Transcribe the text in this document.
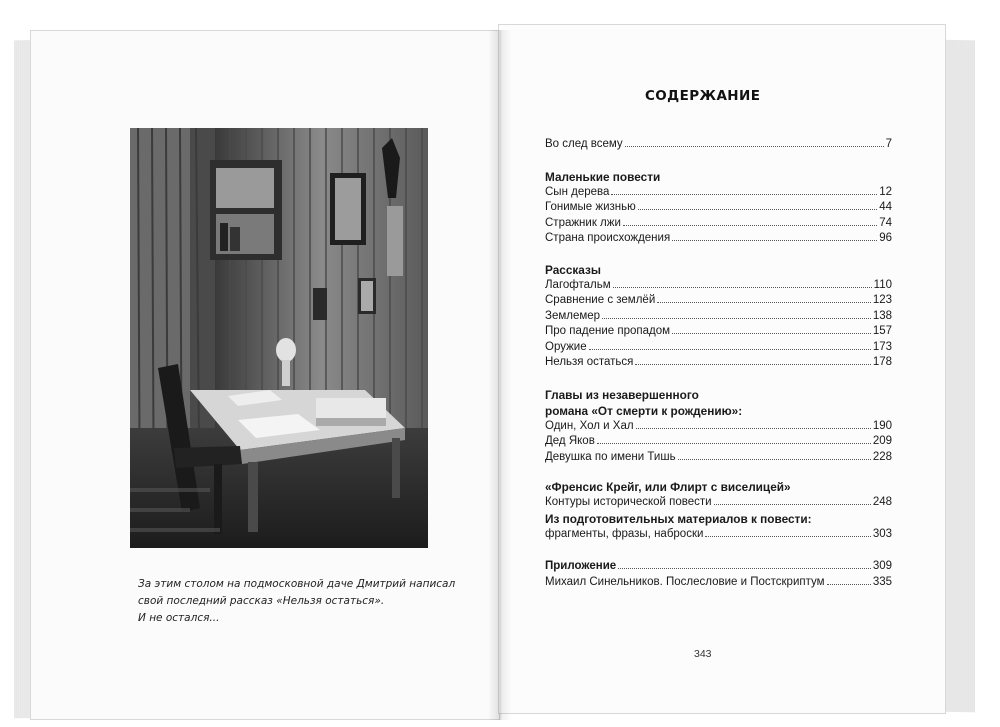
За этим столом на подмосковной даче Дмитрий написал
свой последний рассказ «Нельзя остаться».
И не остался...
СОДЕРЖАНИЕ
Во след всему	7
Маленькие повести
Сын дерева	12
Гонимые жизнью	44
Стражник лжи	74
Страна происхождения	96
Рассказы
Лагофтальм	110
Сравнение с землёй	123
Землемер	138
Про падение пропадом	157
Оружие	173
Нельзя остаться	178
Главы из незавершенного
романа «От смерти к рождению»:
Один, Хол и Хал	190
Дед Яков	209
Девушка по имени Тишь	228
«Френсис Крейг, или Флирт с виселицей»
Контуры исторической повести	248
Из подготовительных материалов к повести:
фрагменты, фразы, наброски	303
Приложение	309
Михаил Синельников. Послесловие и Постскриптум	335
343
